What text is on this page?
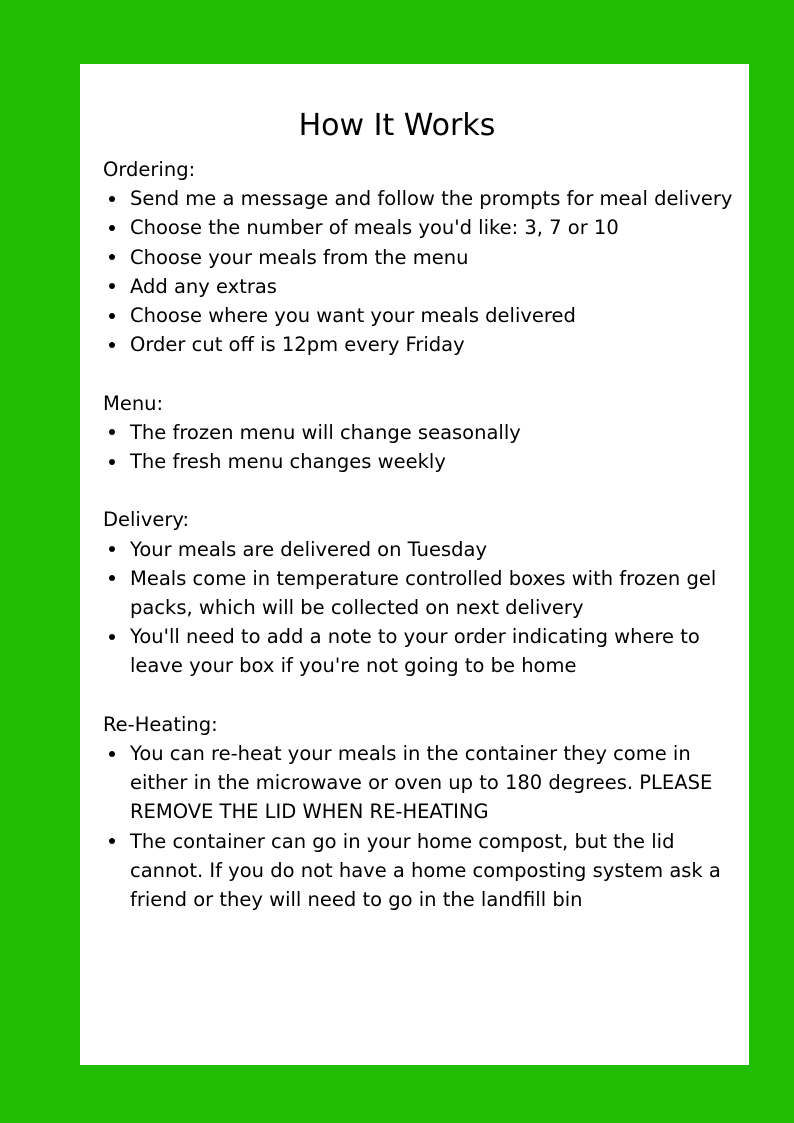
How It Works

Ordering:

Send me a message and follow the prompts for meal delivery
Choose the number of meals you'd like: 3, 7 or 10
Choose your meals from the menu
Add any extras
Choose where you want your meals delivered
Order cut off is 12pm every Friday

Menu:

The frozen menu will change seasonally
The fresh menu changes weekly

Delivery:

Your meals are delivered on Tuesday
Meals come in temperature controlled boxes with frozen gel packs, which will be collected on next delivery
You'll need to add a note to your order indicating where to leave your box if you're not going to be home

Re-Heating:

You can re-heat your meals in the container they come in either in the microwave or oven up to 180 degrees. PLEASE REMOVE THE LID WHEN RE-HEATING
The container can go in your home compost, but the lid cannot. If you do not have a home composting system ask a friend or they will need to go in the landfill bin
